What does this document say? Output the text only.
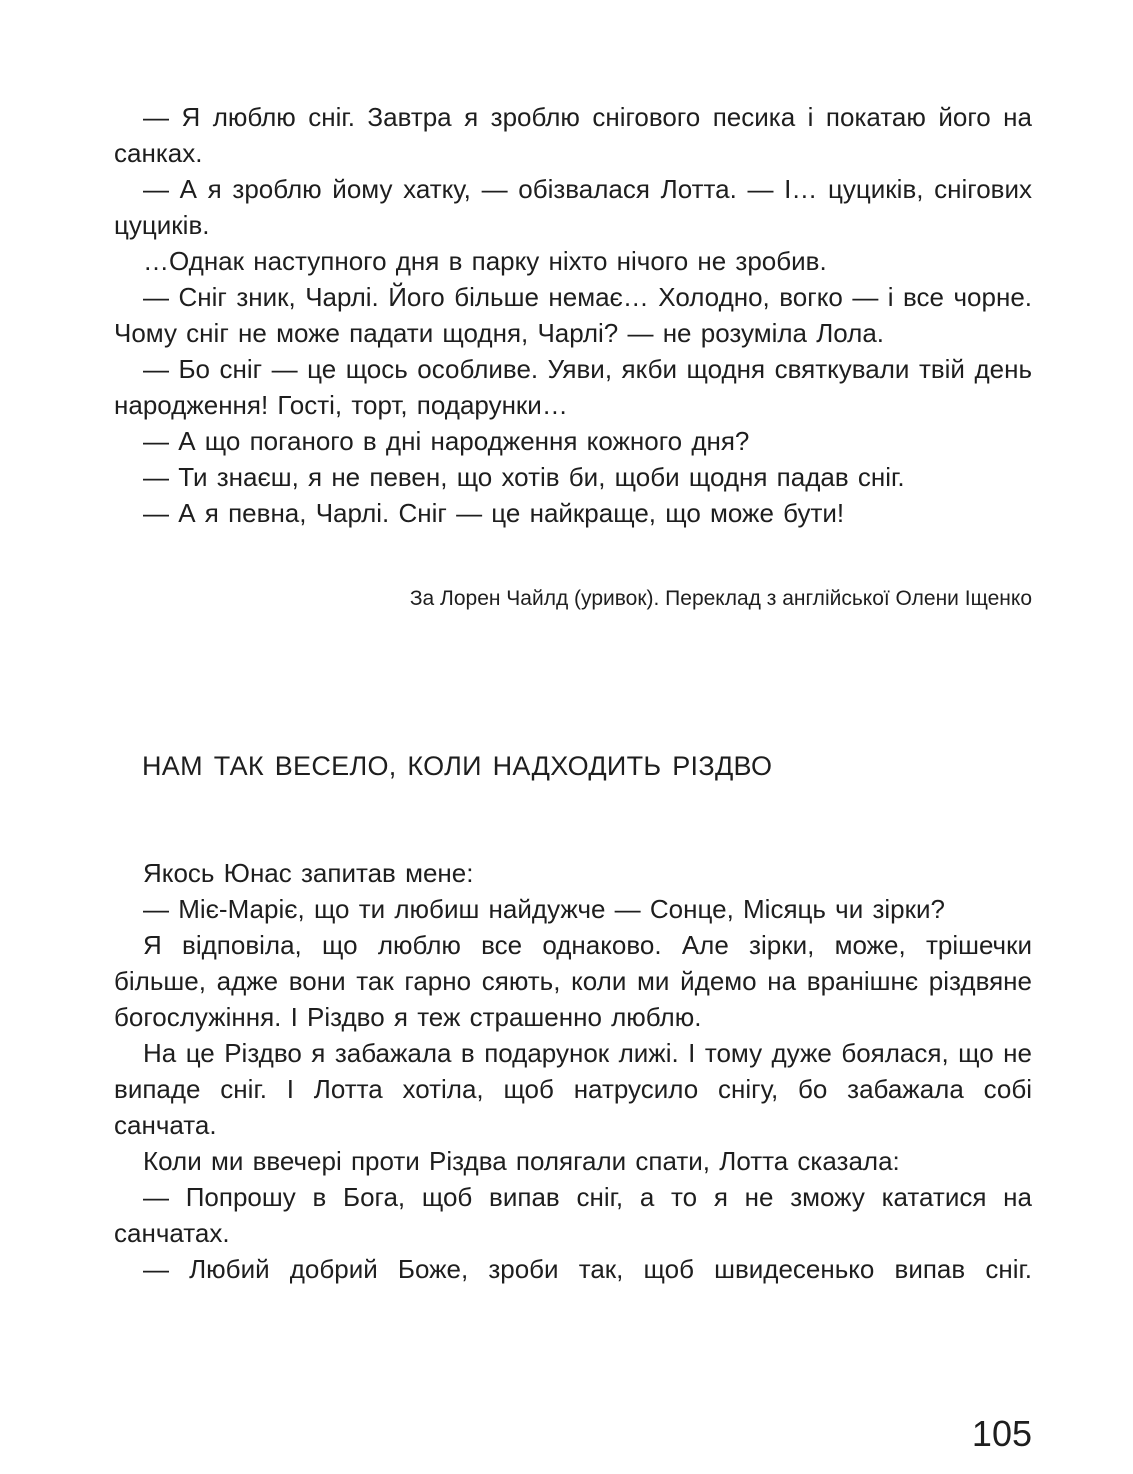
— Я люблю сніг. Завтра я зроблю снігового песика і покатаю його на санках.

— А я зроблю йому хатку, — обізвалася Лотта. — І… цуциків, снігових цуциків.

…Однак наступного дня в парку ніхто нічого не зробив.

— Сніг зник, Чарлі. Його більше немає… Холодно, вогко — і все чорне. Чому сніг не може падати щодня, Чарлі? — не розуміла Лола.

— Бо сніг — це щось особливе. Уяви, якби щодня святкували твій день народження! Гості, торт, подарунки…

— А що поганого в дні народження кожного дня?

— Ти знаєш, я не певен, що хотів би, щоби щодня падав сніг.

— А я певна, Чарлі. Сніг — це найкраще, що може бути!

За Лорен Чайлд (уривок). Переклад з англійської Олени Іщенко

НАМ ТАК ВЕСЕЛО, КОЛИ НАДХОДИТЬ РІЗДВО

Якось Юнас запитав мене:

— Міє-Маріє, що ти любиш найдужче — Сонце, Місяць чи зірки?

Я відповіла, що люблю все однаково. Але зірки, може, трішечки більше, адже вони так гарно сяють, коли ми йдемо на вранішнє різдвяне богослужіння. І Різдво я теж страшенно люблю.

На це Різдво я забажала в подарунок лижі. І тому дуже боялася, що не випаде сніг. І Лотта хотіла, щоб натрусило снігу, бо забажала собі санчата.

Коли ми ввечері проти Різдва полягали спати, Лотта сказала:

— Попрошу в Бога, щоб випав сніг, а то я не зможу кататися на санчатах.

— Любий добрий Боже, зроби так, щоб швидесенько випав сніг.

105
